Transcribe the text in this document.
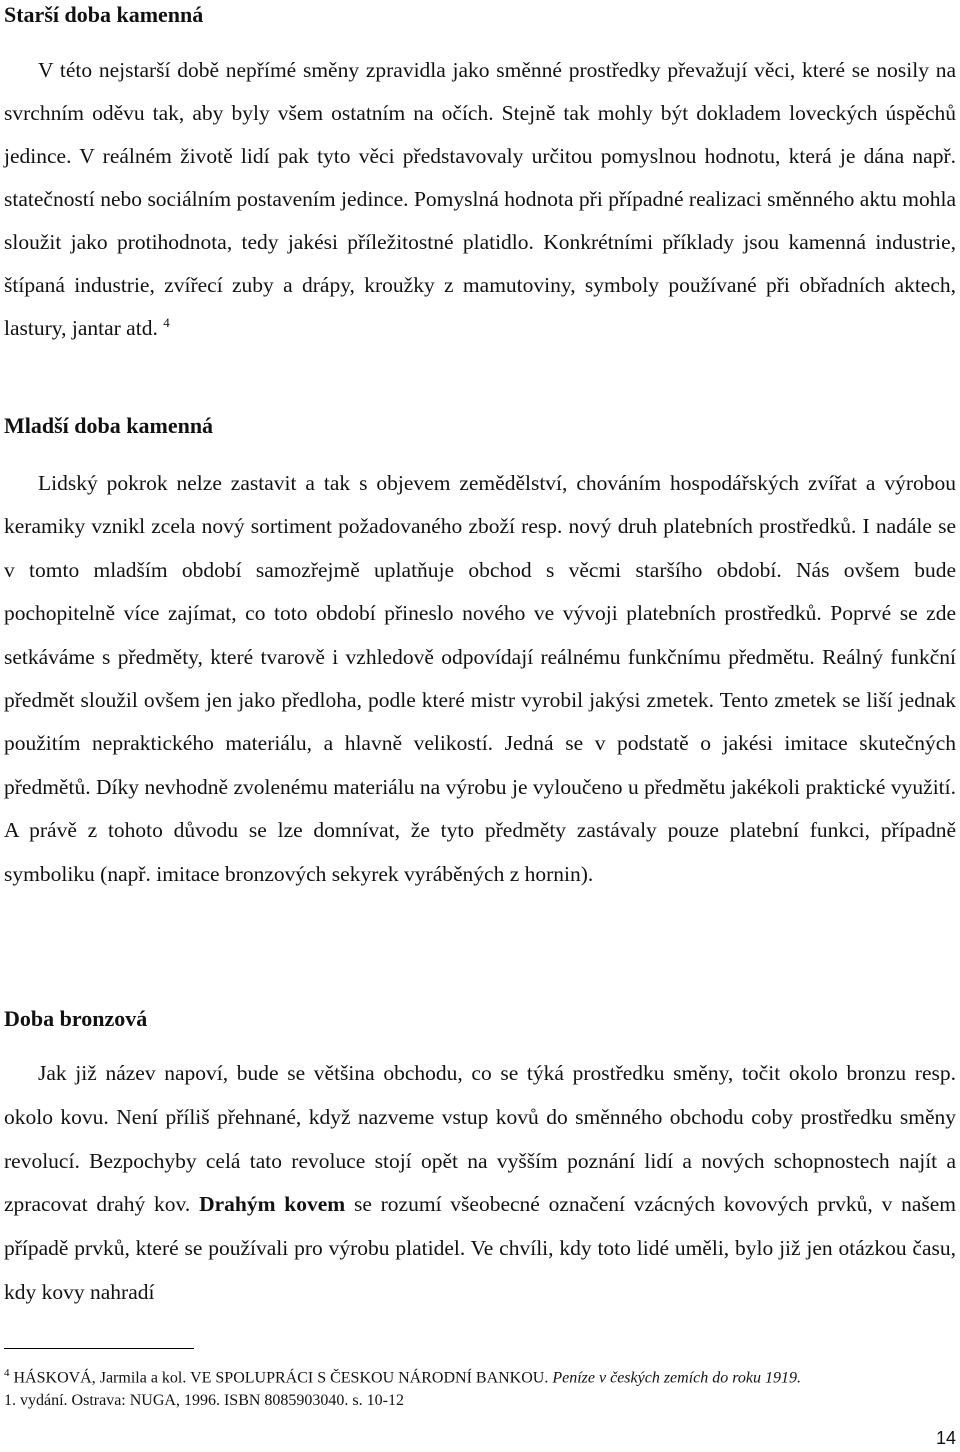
Starší doba kamenná

V této nejstarší době nepřímé směny zpravidla jako směnné prostředky převažují věci, které se nosily na svrchním oděvu tak, aby byly všem ostatním na očích. Stejně tak mohly být dokladem loveckých úspěchů jedince. V reálném životě lidí pak tyto věci představovaly určitou pomyslnou hodnotu, která je dána např. statečností nebo sociálním postavením jedince. Pomyslná hodnota při případné realizaci směnného aktu mohla sloužit jako protihodnota, tedy jakési příležitostné platidlo. Konkrétními příklady jsou kamenná industrie, štípaná industrie, zvířecí zuby a drápy, kroužky z mamutoviny, symboly používané při obřadních aktech, lastury, jantar atd. $^4$

Mladší doba kamenná

Lidský pokrok nelze zastavit a tak s objevem zemědělství, chováním hospodářských zvířat a výrobou keramiky vznikl zcela nový sortiment požadovaného zboží resp. nový druh platebních prostředků. I nadále se v tomto mladším období samozřejmě uplatňuje obchod s věcmi staršího období. Nás ovšem bude pochopitelně více zajímat, co toto období přineslo nového ve vývoji platebních prostředků. Poprvé se zde setkáváme s předměty, které tvarově i vzhledově odpovídají reálnému funkčnímu předmětu. Reálný funkční předmět sloužil ovšem jen jako předloha, podle které mistr vyrobil jakýsi zmetek. Tento zmetek se liší jednak použitím nepraktického materiálu, a hlavně velikostí. Jedná se v podstatě o jakési imitace skutečných předmětů. Díky nevhodně zvolenému materiálu na výrobu je vyloučeno u předmětu jakékoli praktické využití. A právě z tohoto důvodu se lze domnívat, že tyto předměty zastávaly pouze platební funkci, případně symboliku (např. imitace bronzových sekyrek vyráběných z hornin).

Doba bronzová

Jak již název napoví, bude se většina obchodu, co se týká prostředku směny, točit okolo bronzu resp. okolo kovu. Není příliš přehnané, když nazveme vstup kovů do směnného obchodu coby prostředku směny revolucí. Bezpochyby celá tato revoluce stojí opět na vyšším poznání lidí a nových schopnostech najít a zpracovat drahý kov. Drahým kovem se rozumí všeobecné označení vzácných kovových prvků, v našem případě prvků, které se používali pro výrobu platidel. Ve chvíli, kdy toto lidé uměli, bylo již jen otázkou času, kdy kovy nahradí

$^4$ HÁSKOVÁ, Jarmila a kol. VE SPOLUPRÁCI S ČESKOU NÁRODNÍ BANKOU. Peníze v českých zemích do roku 1919.
1. vydání. Ostrava: NUGA, 1996. ISBN 8085903040. s. 10-12

14
